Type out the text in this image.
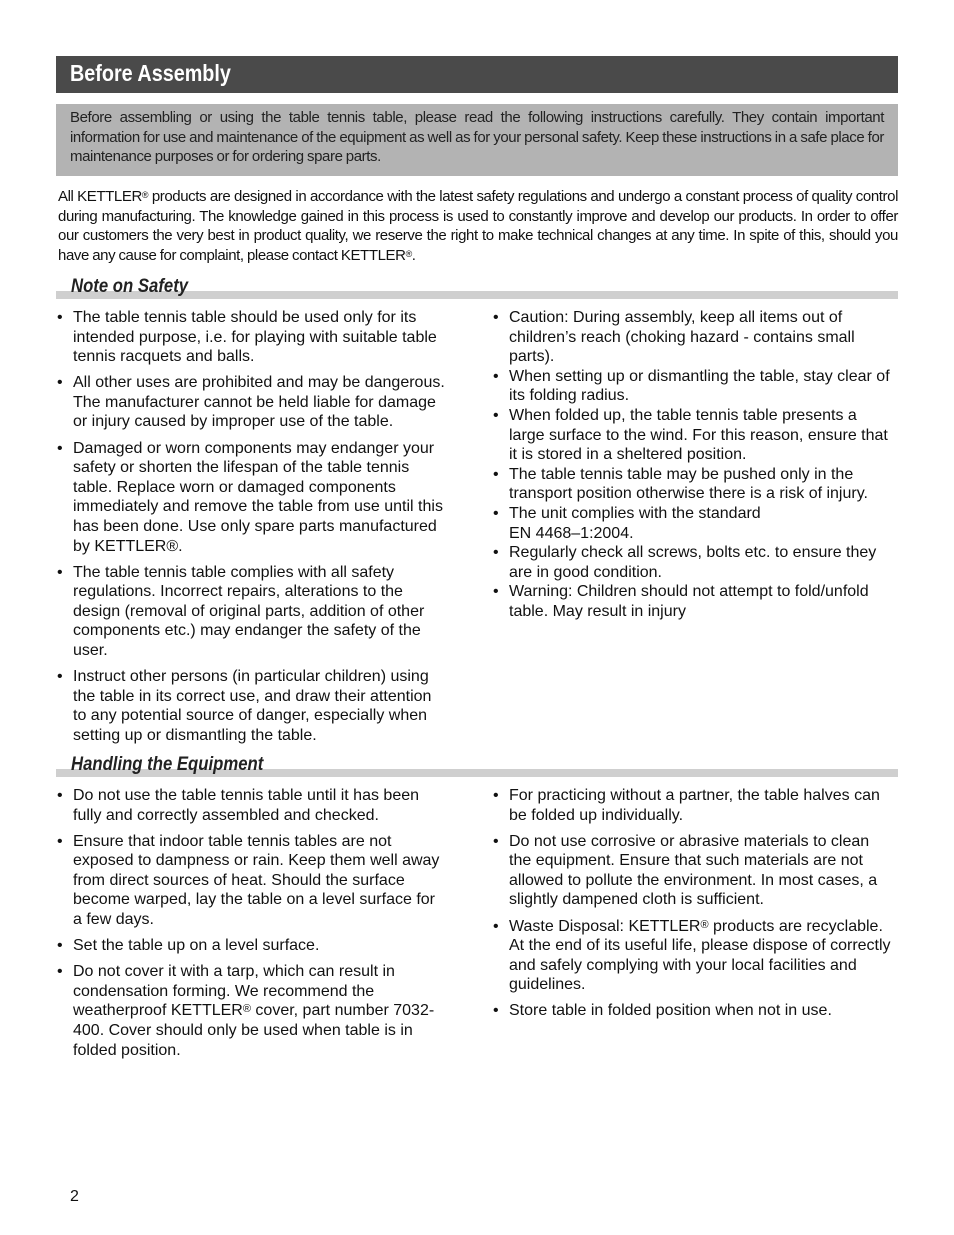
Before Assembly

Before assembling or using the table tennis table, please read the following instructions carefully. They contain important information for use and maintenance of the equipment as well as for your personal safety. Keep these instructions in a safe place for maintenance purposes or for ordering spare parts.

All KETTLER® products are designed in accordance with the latest safety regulations and undergo a constant process of quality control during manufacturing. The knowledge gained in this process is used to constantly improve and develop our products. In order to offer our customers the very best in product quality, we reserve the right to make technical changes at any time. In spite of this, should you have any cause for complaint, please contact KETTLER®.

Note on Safety
• The table tennis table should be used only for its intended purpose, i.e. for playing with suitable table tennis racquets and balls.
• All other uses are prohibited and may be dangerous. The manufacturer cannot be held liable for damage or injury caused by improper use of the table.
• Damaged or worn components may endanger your safety or shorten the lifespan of the table tennis table. Replace worn or damaged components immediately and remove the table from use until this has been done. Use only spare parts manufactured by KETTLER®.
• The table tennis table complies with all safety regulations. Incorrect repairs, alterations to the design (removal of original parts, addition of other components etc.) may endanger the safety of the user.
• Instruct other persons (in particular children) using the table in its correct use, and draw their attention to any potential source of danger, especially when setting up or dismantling the table.
• Caution: During assembly, keep all items out of children’s reach (choking hazard - contains small parts).
• When setting up or dismantling the table, stay clear of its folding radius.
• When folded up, the table tennis table presents a large surface to the wind. For this reason, ensure that it is stored in a sheltered position.
• The table tennis table may be pushed only in the transport position otherwise there is a risk of injury.
• The unit complies with the standard
EN 4468–1:2004.
• Regularly check all screws, bolts etc. to ensure they are in good condition.
• Warning: Children should not attempt to fold/unfold table. May result in injury
Handling the Equipment
• Do not use the table tennis table until it has been fully and correctly assembled and checked.
• Ensure that indoor table tennis tables are not exposed to dampness or rain. Keep them well away from direct sources of heat. Should the surface become warped, lay the table on a level surface for a few days.
• Set the table up on a level surface.
• Do not cover it with a tarp, which can result in condensation forming. We recommend the weatherproof KETTLER® cover, part number 7032-400. Cover should only be used when table is in folded position.
• For practicing without a partner, the table halves can be folded up individually.
• Do not use corrosive or abrasive materials to clean the equipment. Ensure that such materials are not allowed to pollute the environment. In most cases, a slightly dampened cloth is sufficient.
• Waste Disposal: KETTLER® products are recyclable. At the end of its useful life, please dispose of correctly and safely complying with your local facilities and guidelines.
• Store table in folded position when not in use.
2
